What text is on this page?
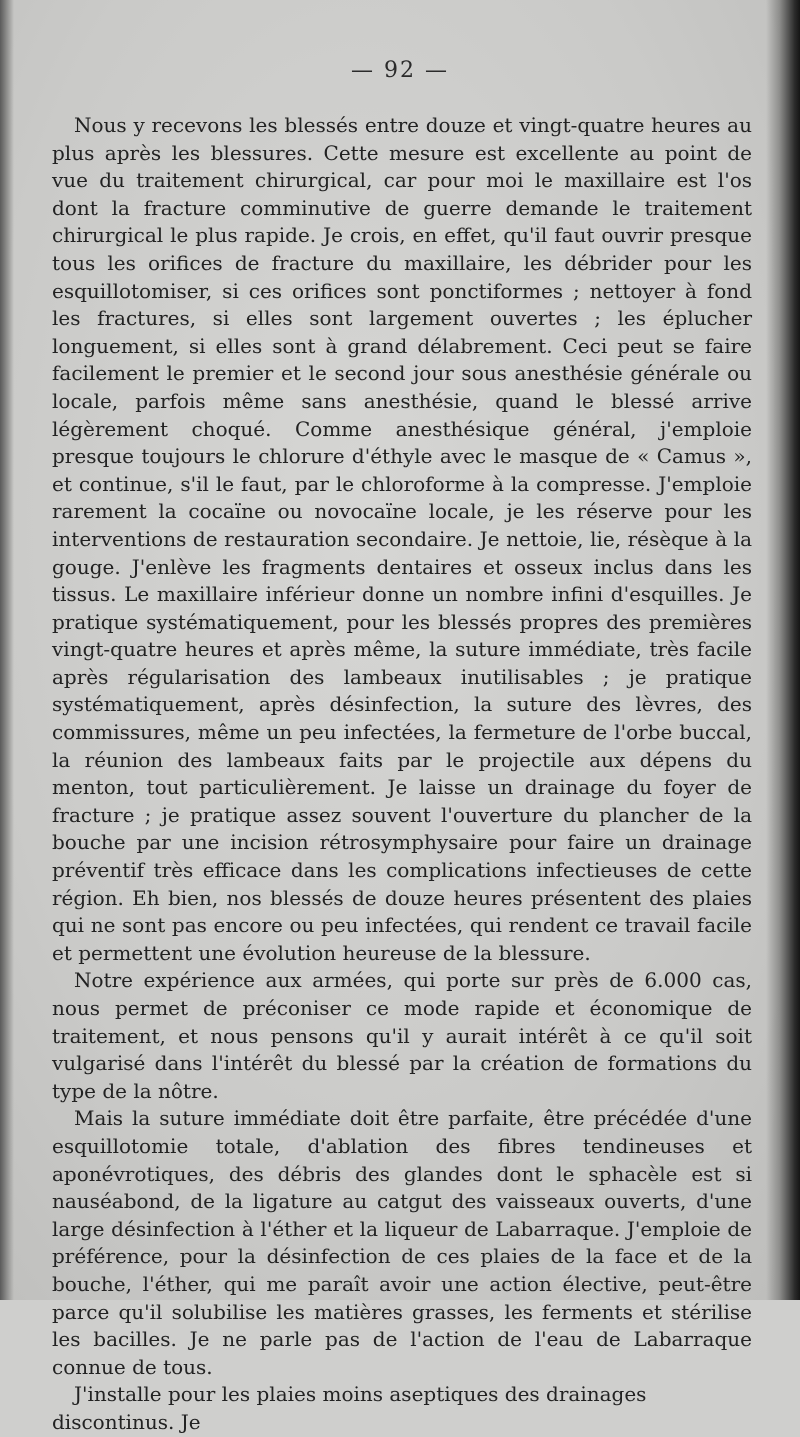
— 92 —

Nous y recevons les blessés entre douze et vingt-quatre heures au plus après les blessures. Cette mesure est excellente au point de vue du traitement chirurgical, car pour moi le maxillaire est l'os dont la fracture comminutive de guerre demande le traitement chirurgical le plus rapide. Je crois, en effet, qu'il faut ouvrir presque tous les orifices de fracture du maxillaire, les débrider pour les esquillotomiser, si ces orifices sont ponctiformes ; nettoyer à fond les fractures, si elles sont largement ouvertes ; les éplucher longuement, si elles sont à grand délabrement. Ceci peut se faire facilement le premier et le second jour sous anesthésie générale ou locale, parfois même sans anesthésie, quand le blessé arrive légèrement choqué. Comme anesthésique général, j'emploie presque toujours le chlorure d'éthyle avec le masque de « Camus », et continue, s'il le faut, par le chloroforme à la compresse. J'emploie rarement la cocaïne ou novocaïne locale, je les réserve pour les interventions de restauration secondaire. Je nettoie, lie, résèque à la gouge. J'enlève les fragments dentaires et osseux inclus dans les tissus. Le maxillaire inférieur donne un nombre infini d'esquilles. Je pratique systématiquement, pour les blessés propres des premières vingt-quatre heures et après même, la suture immédiate, très facile après régularisation des lambeaux inutilisables ; je pratique systématiquement, après désinfection, la suture des lèvres, des commissures, même un peu infectées, la fermeture de l'orbe buccal, la réunion des lambeaux faits par le projectile aux dépens du menton, tout particulièrement. Je laisse un drainage du foyer de fracture ; je pratique assez souvent l'ouverture du plancher de la bouche par une incision rétrosymphysaire pour faire un drainage préventif très efficace dans les complications infectieuses de cette région. Eh bien, nos blessés de douze heures présentent des plaies qui ne sont pas encore ou peu infectées, qui rendent ce travail facile et permettent une évolution heureuse de la blessure.

Notre expérience aux armées, qui porte sur près de 6.000 cas, nous permet de préconiser ce mode rapide et économique de traitement, et nous pensons qu'il y aurait intérêt à ce qu'il soit vulgarisé dans l'intérêt du blessé par la création de formations du type de la nôtre.

Mais la suture immédiate doit être parfaite, être précédée d'une esquillotomie totale, d'ablation des fibres tendineuses et aponévrotiques, des débris des glandes dont le sphacèle est si nauséabond, de la ligature au catgut des vaisseaux ouverts, d'une large désinfection à l'éther et la liqueur de Labarraque. J'emploie de préférence, pour la désinfection de ces plaies de la face et de la bouche, l'éther, qui me paraît avoir une action élective, peut-être parce qu'il solubilise les matières grasses, les ferments et stérilise les bacilles. Je ne parle pas de l'action de l'eau de Labarraque connue de tous.

J'installe pour les plaies moins aseptiques des drainages discontinus. Je
